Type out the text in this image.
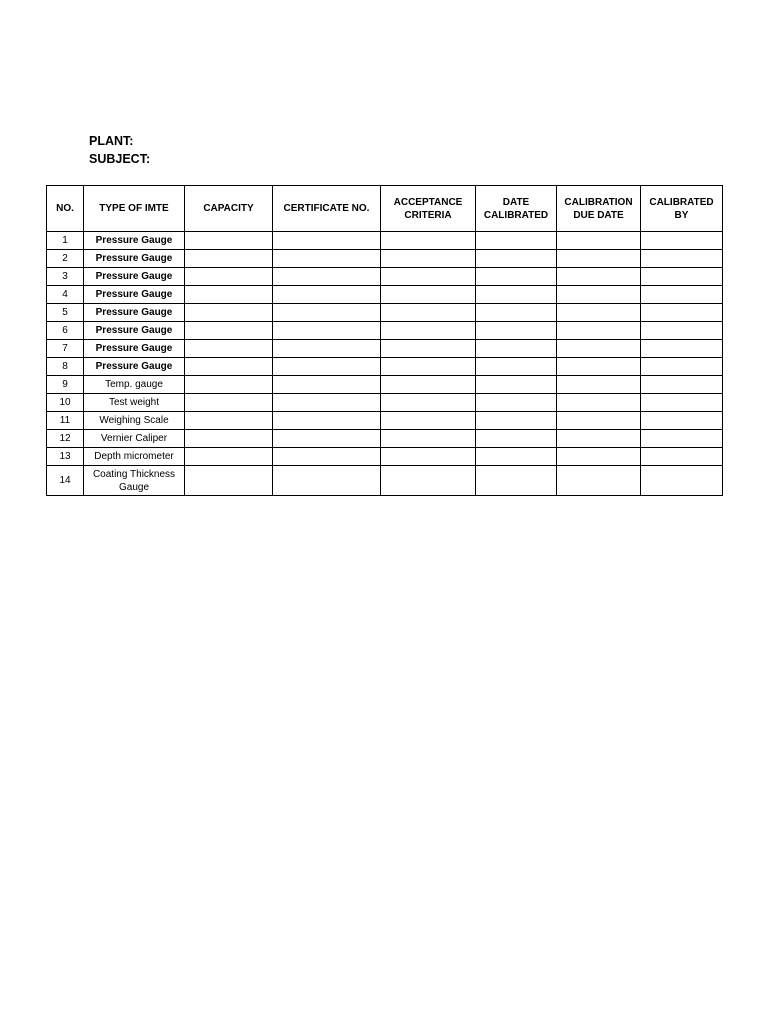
PLANT:
SUBJECT:
NO.	TYPE OF IMTE	CAPACITY	CERTIFICATE NO.	ACCEPTANCE CRITERIA	DATE CALIBRATED	CALIBRATION DUE DATE	CALIBRATED BY
1	Pressure Gauge						
2	Pressure Gauge						
3	Pressure Gauge						
4	Pressure Gauge						
5	Pressure Gauge						
6	Pressure Gauge						
7	Pressure Gauge						
8	Pressure Gauge						
9	Temp. gauge						
10	Test weight						
11	Weighing Scale						
12	Vernier Caliper						
13	Depth micrometer						
14	Coating Thickness Gauge						
